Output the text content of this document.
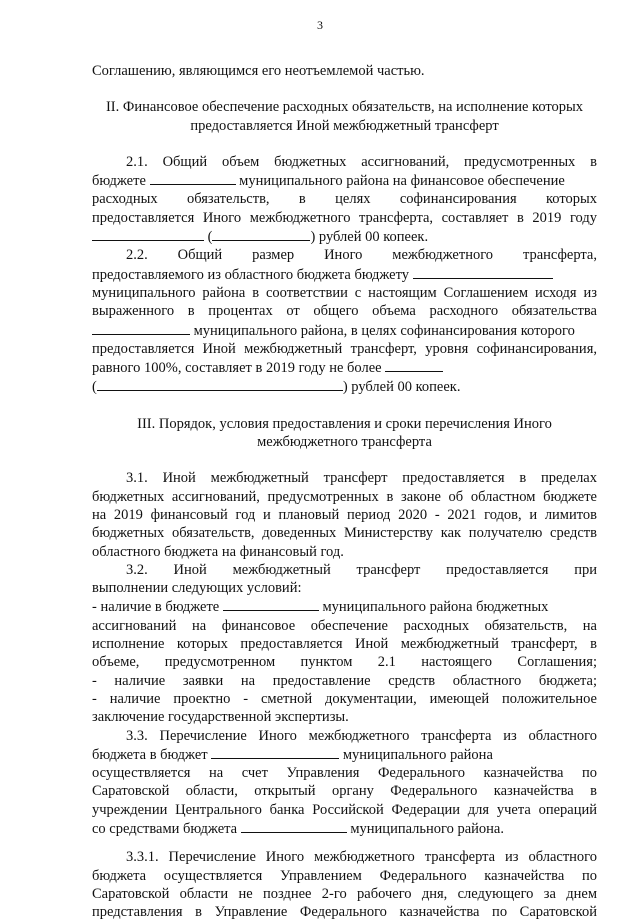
3
Соглашению, являющимся его неотъемлемой частью.
II. Финансовое обеспечение расходных обязательств, на исполнение которых
предоставляется Иной межбюджетный трансферт
2.1. Общий объем бюджетных ассигнований, предусмотренных в
бюджете	муниципального района на финансовое обеспечение
расходных обязательств, в целях софинансирования которых
предоставляется Иного межбюджетного трансферта, составляет в 2019 году
(	) рублей 00 копеек.
2.2. Общий размер Иного межбюджетного трансферта,
предоставляемого из областного бюджета бюджету
муниципального района в соответствии с настоящим Соглашением исходя из
выраженного в процентах от общего объема расходного обязательства
муниципального района, в целях софинансирования которого
предоставляется Иной межбюджетный трансферт, уровня софинансирования,
равного 100%, составляет в 2019 году не более
(	) рублей 00 копеек.
III. Порядок, условия предоставления и сроки перечисления Иного
межбюджетного трансферта
3.1. Иной межбюджетный трансферт предоставляется в пределах
бюджетных ассигнований, предусмотренных в законе об областном бюджете
на 2019 финансовый год и плановый период 2020 - 2021 годов, и лимитов
бюджетных обязательств, доведенных Министерству как получателю средств
областного бюджета на финансовый год.
3.2. Иной межбюджетный трансферт предоставляется при
выполнении следующих условий:
- наличие в бюджете	муниципального района бюджетных
ассигнований на финансовое обеспечение расходных обязательств, на
исполнение которых предоставляется Иной межбюджетный трансферт, в
объеме, предусмотренном пунктом 2.1 настоящего Соглашения;
- наличие заявки на предоставление средств областного бюджета;
- наличие проектно - сметной документации, имеющей положительное
заключение государственной экспертизы.
3.3. Перечисление Иного межбюджетного трансферта из областного
бюджета в бюджет	муниципального района
осуществляется на счет Управления Федерального казначейства по
Саратовской области, открытый органу Федерального казначейства в
учреждении Центрального банка Российской Федерации для учета операций
со средствами бюджета	муниципального района.
3.3.1. Перечисление Иного межбюджетного трансферта из областного
бюджета осуществляется Управлением Федерального казначейства по
Саратовской области не позднее 2-го рабочего дня, следующего за днем
представления в Управление Федерального казначейства по Саратовской
